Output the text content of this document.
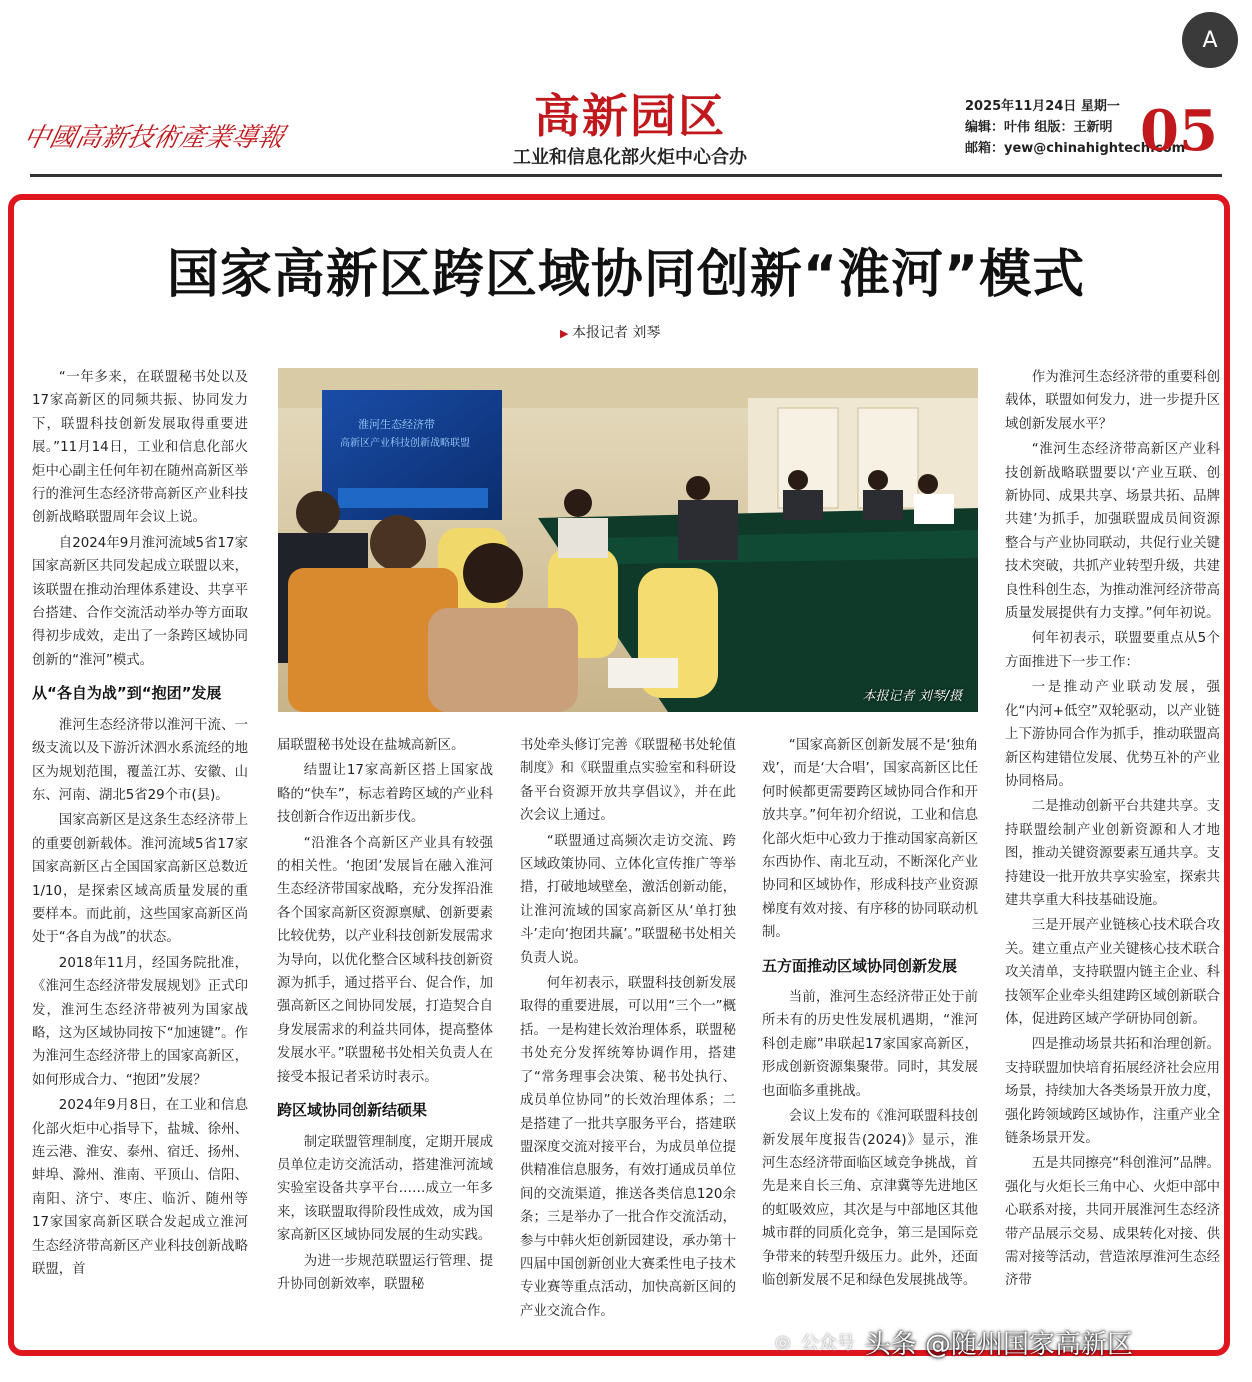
A
中國高新技術產業導報	高新园区
工业和信息化部火炬中心合办
2025年11月24日 星期一
编辑：叶伟 组版：王新明
邮箱：yew@chinahightech.com
05
国家高新区跨区域协同创新“淮河”模式
▶ 本报记者 刘琴
淮河生态经济带
高新区产业科技创新战略联盟
本报记者 刘琴/摄

“一年多来，在联盟秘书处以及17家高新区的同频共振、协同发力下，联盟科技创新发展取得重要进展。”11月14日，工业和信息化部火炬中心副主任何年初在随州高新区举行的淮河生态经济带高新区产业科技创新战略联盟周年会议上说。

自2024年9月淮河流域5省17家国家高新区共同发起成立联盟以来，该联盟在推动治理体系建设、共享平台搭建、合作交流活动举办等方面取得初步成效，走出了一条跨区域协同创新的“淮河”模式。

从“各自为战”到“抱团”发展

淮河生态经济带以淮河干流、一级支流以及下游沂沭泗水系流经的地区为规划范围，覆盖江苏、安徽、山东、河南、湖北5省29个市(县)。

国家高新区是这条生态经济带上的重要创新载体。淮河流域5省17家国家高新区占全国国家高新区总数近1/10，是探索区域高质量发展的重要样本。而此前，这些国家高新区尚处于“各自为战”的状态。

2018年11月，经国务院批准，《淮河生态经济带发展规划》正式印发，淮河生态经济带被列为国家战略，这为区域协同按下“加速键”。作为淮河生态经济带上的国家高新区，如何形成合力、“抱团”发展？

2024年9月8日，在工业和信息化部火炬中心指导下，盐城、徐州、连云港、淮安、泰州、宿迁、扬州、蚌埠、滁州、淮南、平顶山、信阳、南阳、济宁、枣庄、临沂、随州等17家国家高新区联合发起成立淮河生态经济带高新区产业科技创新战略联盟，首

届联盟秘书处设在盐城高新区。

结盟让17家高新区搭上国家战略的“快车”，标志着跨区域的产业科技创新合作迈出新步伐。

“沿淮各个高新区产业具有较强的相关性。‘抱团’发展旨在融入淮河生态经济带国家战略，充分发挥沿淮各个国家高新区资源禀赋、创新要素比较优势，以产业科技创新发展需求为导向，以优化整合区域科技创新资源为抓手，通过搭平台、促合作，加强高新区之间协同发展，打造契合自身发展需求的利益共同体，提高整体发展水平。”联盟秘书处相关负责人在接受本报记者采访时表示。

跨区域协同创新结硕果

制定联盟管理制度，定期开展成员单位走访交流活动，搭建淮河流域实验室设备共享平台……成立一年多来，该联盟取得阶段性成效，成为国家高新区区域协同发展的生动实践。

为进一步规范联盟运行管理、提升协同创新效率，联盟秘

书处牵头修订完善《联盟秘书处轮值制度》和《联盟重点实验室和科研设备平台资源开放共享倡议》，并在此次会议上通过。

“联盟通过高频次走访交流、跨区域政策协同、立体化宣传推广等举措，打破地域壁垒，激活创新动能，让淮河流域的国家高新区从‘单打独斗’走向‘抱团共赢’。”联盟秘书处相关负责人说。

何年初表示，联盟科技创新发展取得的重要进展，可以用“三个一”概括。一是构建长效治理体系，联盟秘书处充分发挥统筹协调作用，搭建了“常务理事会决策、秘书处执行、成员单位协同”的长效治理体系；二是搭建了一批共享服务平台，搭建联盟深度交流对接平台，为成员单位提供精准信息服务，有效打通成员单位间的交流渠道，推送各类信息120余条；三是举办了一批合作交流活动，参与中韩火炬创新园建设，承办第十四届中国创新创业大赛柔性电子技术专业赛等重点活动，加快高新区间的产业交流合作。

“国家高新区创新发展不是‘独角戏’，而是‘大合唱’，国家高新区比任何时候都更需要跨区域协同合作和开放共享。”何年初介绍说，工业和信息化部火炬中心致力于推动国家高新区东西协作、南北互动，不断深化产业协同和区域协作，形成科技产业资源梯度有效对接、有序移的协同联动机制。

五方面推动区域协同创新发展

当前，淮河生态经济带正处于前所未有的历史性发展机遇期，“淮河科创走廊”串联起17家国家高新区，形成创新资源集聚带。同时，其发展也面临多重挑战。

会议上发布的《淮河联盟科技创新发展年度报告(2024)》显示，淮河生态经济带面临区域竞争挑战，首先是来自长三角、京津冀等先进地区的虹吸效应，其次是与中部地区其他城市群的同质化竞争，第三是国际竞争带来的转型升级压力。此外，还面临创新发展不足和绿色发展挑战等。

作为淮河生态经济带的重要科创载体，联盟如何发力，进一步提升区域创新发展水平？

“淮河生态经济带高新区产业科技创新战略联盟要以‘产业互联、创新协同、成果共享、场景共拓、品牌共建’为抓手，加强联盟成员间资源整合与产业协同联动，共促行业关键技术突破，共抓产业转型升级，共建良性科创生态，为推动淮河经济带高质量发展提供有力支撑。”何年初说。

何年初表示，联盟要重点从5个方面推进下一步工作：

一是推动产业联动发展，强化“内河+低空”双轮驱动，以产业链上下游协同合作为抓手，推动联盟高新区构建错位发展、优势互补的产业协同格局。

二是推动创新平台共建共享。支持联盟绘制产业创新资源和人才地图，推动关键资源要素互通共享。支持建设一批开放共享实验室，探索共建共享重大科技基础设施。

三是开展产业链核心技术联合攻关。建立重点产业关键核心技术联合攻关清单，支持联盟内链主企业、科技领军企业牵头组建跨区域创新联合体，促进跨区域产学研协同创新。

四是推动场景共拓和治理创新。支持联盟加快培育拓展经济社会应用场景，持续加大各类场景开放力度，强化跨领域跨区域协作，注重产业全链条场景开发。

五是共同擦亮“科创淮河”品牌。强化与火炬长三角中心、火炬中部中心联系对接，共同开展淮河生态经济带产品展示交易、成果转化对接、供需对接等活动，营造浓厚淮河生态经济带

◎ 公众号 头条 @随州国家高新区
